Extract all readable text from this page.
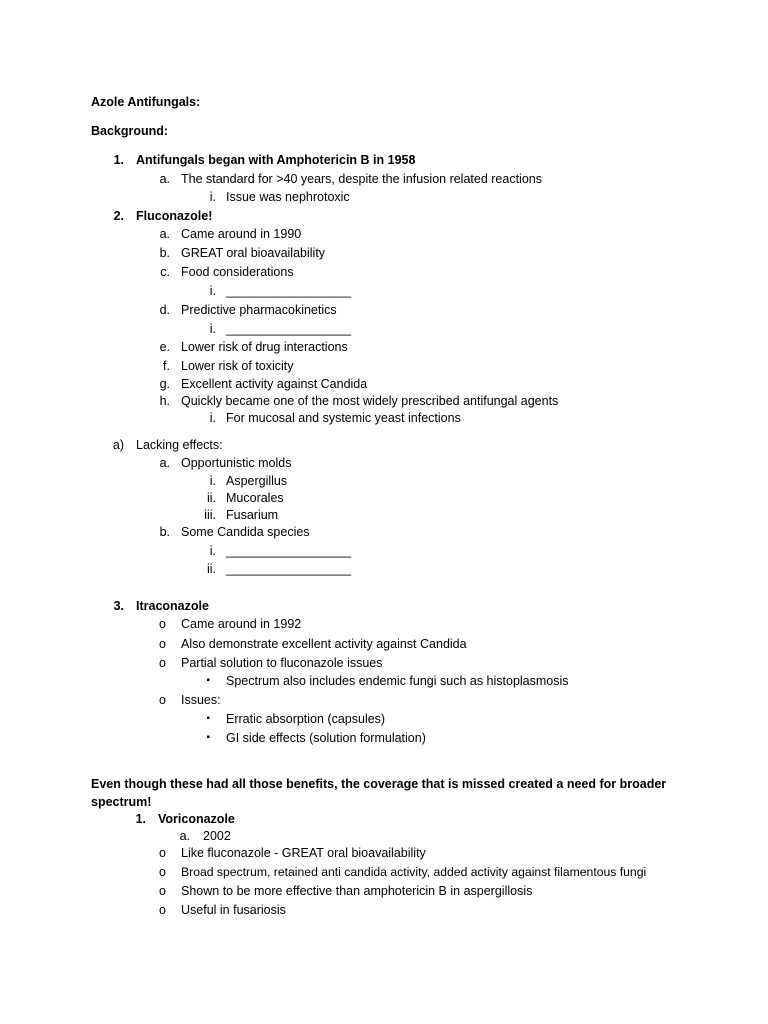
Azole Antifungals:
Background:
1. Antifungals began with Amphotericin B in 1958
a. The standard for >40 years, despite the infusion related reactions
i. Issue was nephrotoxic
2. Fluconazole!
a. Came around in 1990
b. GREAT oral bioavailability
c. Food considerations
i. __________________
d. Predictive pharmacokinetics
i. __________________
e. Lower risk of drug interactions
f. Lower risk of toxicity
g. Excellent activity against Candida
h. Quickly became one of the most widely prescribed antifungal agents
i. For mucosal and systemic yeast infections
a) Lacking effects:
a. Opportunistic molds
i. Aspergillus
ii. Mucorales
iii. Fusarium
b. Some Candida species
i. __________________
ii. __________________
3. Itraconazole
o Came around in 1992
o Also demonstrate excellent activity against Candida
o Partial solution to fluconazole issues
▪ Spectrum also includes endemic fungi such as histoplasmosis
o Issues:
▪ Erratic absorption (capsules)
▪ GI side effects (solution formulation)
Even though these had all those benefits, the coverage that is missed created a need for broader
spectrum!
1. Voriconazole
a. 2002
o Like fluconazole - GREAT oral bioavailability
o Broad spectrum, retained anti candida activity, added activity against filamentous fungi
o Shown to be more effective than amphotericin B in aspergillosis
o Useful in fusariosis
